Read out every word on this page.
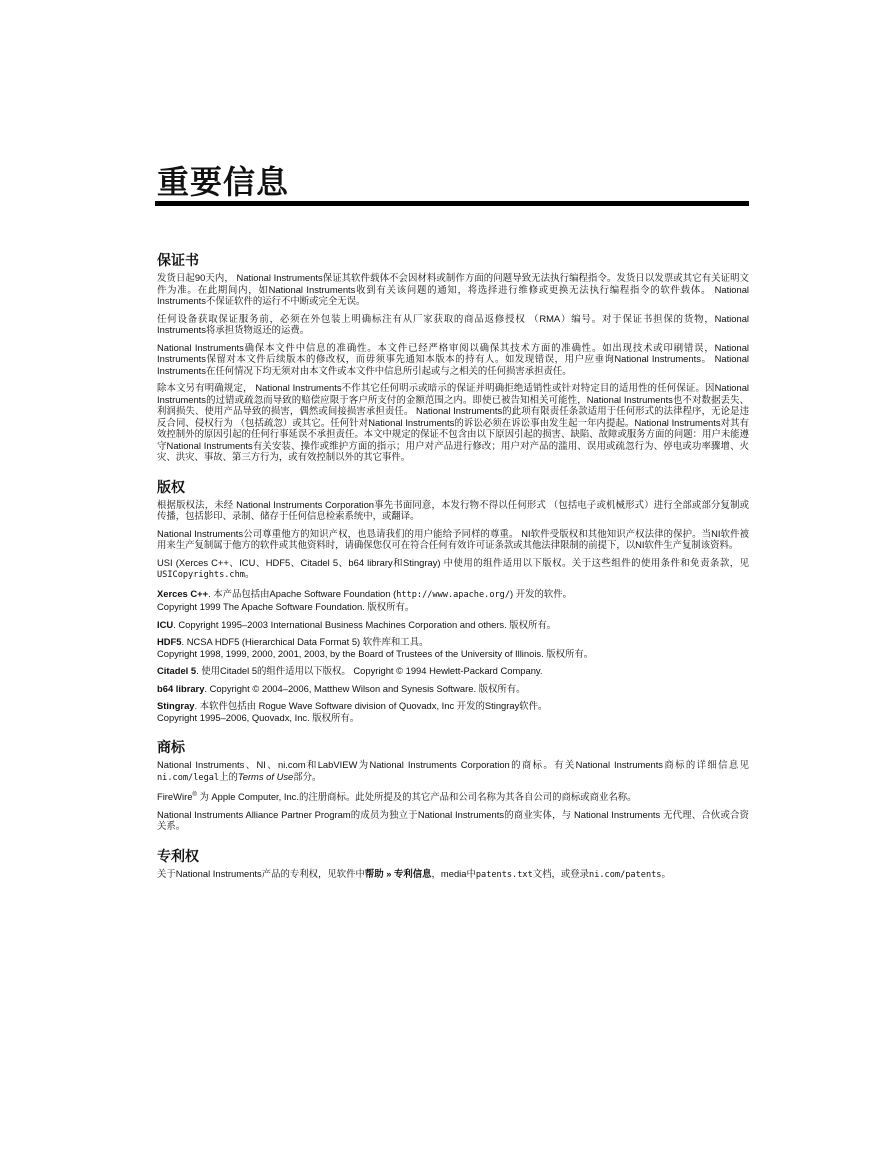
重要信息
保证书

发货日起90天内， National Instruments保证其软件载体不会因材料或制作方面的问题导致无法执行编程指令。发货日以发票或其它有关证明文件为准。在此期间内，如National Instruments收到有关该问题的通知，将选择进行维修或更换无法执行编程指令的软件载体。 National Instruments不保证软件的运行不中断或完全无误。

任何设备获取保证服务前，必须在外包装上明确标注有从厂家获取的商品返修授权 （RMA）编号。对于保证书担保的货物，National Instruments将承担货物返还的运费。

National Instruments确保本文件中信息的准确性。本文件已经严格审阅以确保其技术方面的准确性。如出现技术或印刷错误，National Instruments保留对本文件后续版本的修改权，而毋须事先通知本版本的持有人。如发现错误，用户应垂询National Instruments。 National Instruments在任何情况下均无须对由本文件或本文件中信息所引起或与之相关的任何损害承担责任。

除本文另有明确规定， National Instruments不作其它任何明示或暗示的保证并明确拒绝适销性或针对特定目的适用性的任何保证。因National Instruments的过错或疏忽而导致的赔偿应限于客户所支付的金额范围之内。即使已被告知相关可能性，National Instruments也不对数据丢失、利润损失、使用产品导致的损害，偶然或间接损害承担责任。 National Instruments的此项有限责任条款适用于任何形式的法律程序，无论是违反合同、侵权行为 （包括疏忽）或其它。任何针对National Instruments的诉讼必须在诉讼事由发生起一年内提起。National Instruments对其有效控制外的原因引起的任何行事延误不承担责任。本文中规定的保证不包含由以下原因引起的损害、缺陷、故障或服务方面的问题：用户未能遵守National Instruments有关安装、操作或维护方面的指示；用户对产品进行修改；用户对产品的滥用、误用或疏忽行为、停电或功率骤增、火灾、洪灾、事故、第三方行为，或有效控制以外的其它事件。

版权

根据版权法，未经 National Instruments Corporation事先书面同意，本发行物不得以任何形式 （包括电子或机械形式）进行全部或部分复制或传播，包括影印、录制、储存于任何信息检索系统中，或翻译。

National Instruments公司尊重他方的知识产权，也恳请我们的用户能给予同样的尊重。 NI软件受版权和其他知识产权法律的保护。当NI软件被用来生产复制属于他方的软件或其他资料时，请确保您仅可在符合任何有效许可证条款或其他法律限制的前提下，以NI软件生产复制该资料。

USI (Xerces C++、ICU、HDF5、Citadel 5、b64 library和Stingray) 中使用的组件适用以下版权。关于这些组件的使用条件和免责条款，见USICopyrights.chm。

Xerces C++. 本产品包括由Apache Software Foundation (http://www.apache.org/) 开发的软件。
Copyright 1999 The Apache Software Foundation. 版权所有。

ICU. Copyright 1995–2003 International Business Machines Corporation and others. 版权所有。

HDF5. NCSA HDF5 (Hierarchical Data Format 5) 软件库和工具。
Copyright 1998, 1999, 2000, 2001, 2003, by the Board of Trustees of the University of Illinois. 版权所有。

Citadel 5. 使用Citadel 5的组件适用以下版权。 Copyright © 1994 Hewlett-Packard Company.

b64 library. Copyright © 2004–2006, Matthew Wilson and Synesis Software. 版权所有。

Stingray. 本软件包括由 Rogue Wave Software division of Quovadx, Inc 开发的Stingray软件。
Copyright 1995–2006, Quovadx, Inc. 版权所有。

商标

National Instruments、NI、ni.com和LabVIEW为National Instruments Corporation的商标。有关National Instruments商标的详细信息见ni.com/legal上的Terms of Use部分。

FireWire® 为 Apple Computer, Inc.的注册商标。此处所提及的其它产品和公司名称为其各自公司的商标或商业名称。

National Instruments Alliance Partner Program的成员为独立于National Instruments的商业实体，与 National Instruments 无代理、合伙或合资关系。

专利权

关于National Instruments产品的专利权，见软件中帮助 » 专利信息，media中patents.txt文档，或登录ni.com/patents。
